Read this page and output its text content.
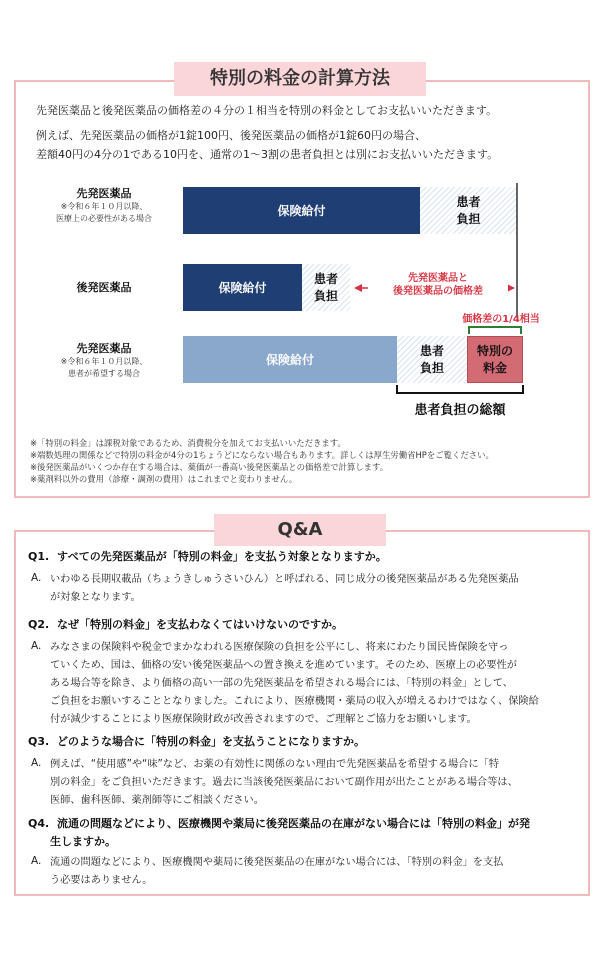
特別の料金の計算方法
先発医薬品と後発医薬品の価格差の４分の１相当を特別の料金としてお支払いいただきます。
例えば、先発医薬品の価格が1錠100円、後発医薬品の価格が1錠60円の場合、
差額40円の4分の1である10円を、通常の1～3割の患者負担とは別にお支払いいただきます。
先発医薬品
※令和６年１０月以降、
医療上の必要性がある場合
後発医薬品
先発医薬品
※令和６年１０月以降、
患者が希望する場合
保険給付
患者
負担
保険給付
患者
負担
保険給付
患者
負担
特別の
料金
先発医薬品と
後発医薬品の価格差
価格差の1/4相当
患者負担の総額
※「特別の料金」は課税対象であるため、消費税分を加えてお支払いいただきます。
※端数処理の関係などで特別の料金が4分の1ちょうどにならない場合もあります。詳しくは厚生労働省HPをご覧ください。
※後発医薬品がいくつか存在する場合は、薬価が一番高い後発医薬品との価格差で計算します。
※薬剤料以外の費用（診療・調剤の費用）はこれまでと変わりません。
Q&A
Q1. すべての先発医薬品が「特別の料金」を支払う対象となりますか。
A. いわゆる長期収載品（ちょうきしゅうさいひん）と呼ばれる、同じ成分の後発医薬品がある先発医薬品
が対象となります。
Q2. なぜ「特別の料金」を支払わなくてはいけないのですか。
A. みなさまの保険料や税金でまかなわれる医療保険の負担を公平にし、将来にわたり国民皆保険を守っ
ていくため、国は、価格の安い後発医薬品への置き換えを進めています。そのため、医療上の必要性が
ある場合等を除き、より価格の高い一部の先発医薬品を希望される場合には、「特別の料金」として、
ご負担をお願いすることとなりました。これにより、医療機関・薬局の収入が増えるわけではなく、保険給
付が減少することにより医療保険財政が改善されますので、ご理解とご協力をお願いします。
Q3. どのような場合に「特別の料金」を支払うことになりますか。
A. 例えば、“使用感”や“味”など、お薬の有効性に関係のない理由で先発医薬品を希望する場合に「特
別の料金」をご負担いただきます。過去に当該後発医薬品において副作用が出たことがある場合等は、
医師、歯科医師、薬剤師等にご相談ください。
Q4. 流通の問題などにより、医療機関や薬局に後発医薬品の在庫がない場合には「特別の料金」が発
生しますか。
A. 流通の問題などにより、医療機関や薬局に後発医薬品の在庫がない場合には、「特別の料金」を支払
う必要はありません。
